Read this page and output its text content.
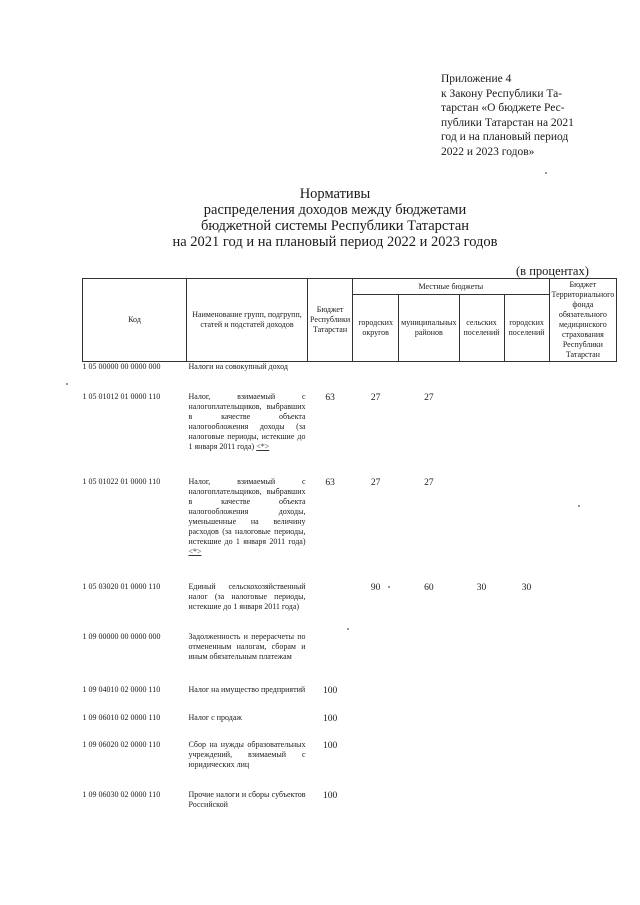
Приложение 4
к Закону Республики Та-
тарстан «О бюджете Рес-
публики Татарстан на 2021
год и на плановый период
2022 и 2023 годов»
Нормативы
распределения доходов между бюджетами
бюджетной системы Республики Татарстан
на 2021 год и на плановый период 2022 и 2023 годов
(в процентах)
Код	Наименование групп, подгрупп, статей и подстатей доходов	Бюджет Республики Татарстан	Местные бюджеты				Бюджет Территориального фонда обязательного медицинского страхования Республики Татарстан
			городских округов	муниципальных районов	сельских поселений	городских поселений	
1 05 00000 00 0000 000	Налоги на совокупный доход						
1 05 01012 01 0000 110	Налог, взимаемый с налогоплательщиков, выбравших в качестве объекта налогообложения доходы (за налоговые периоды, истекшие до 1 января 2011 года) <*>	63	27	27			
1 05 01022 01 0000 110	Налог, взимаемый с налогоплательщиков, выбравших в качестве объекта налогообложения доходы, уменьшенные на величину расходов (за налоговые периоды, истекшие до 1 января 2011 года) <*>	63	27	27			
1 05 03020 01 0000 110	Единый сельскохозяйственный налог (за налоговые периоды, истекшие до 1 января 2011 года)		90	60	30	30	
1 09 00000 00 0000 000	Задолженность и перерасчеты по отмененным налогам, сборам и иным обязательным платежам						
1 09 04010 02 0000 110	Налог на имущество предприятий	100					
1 09 06010 02 0000 110	Налог с продаж	100					
1 09 06020 02 0000 110	Сбор на нужды образовательных учреждений, взимаемый с юридических лиц	100					
1 09 06030 02 0000 110	Прочие налоги и сборы субъектов Российской	100					
